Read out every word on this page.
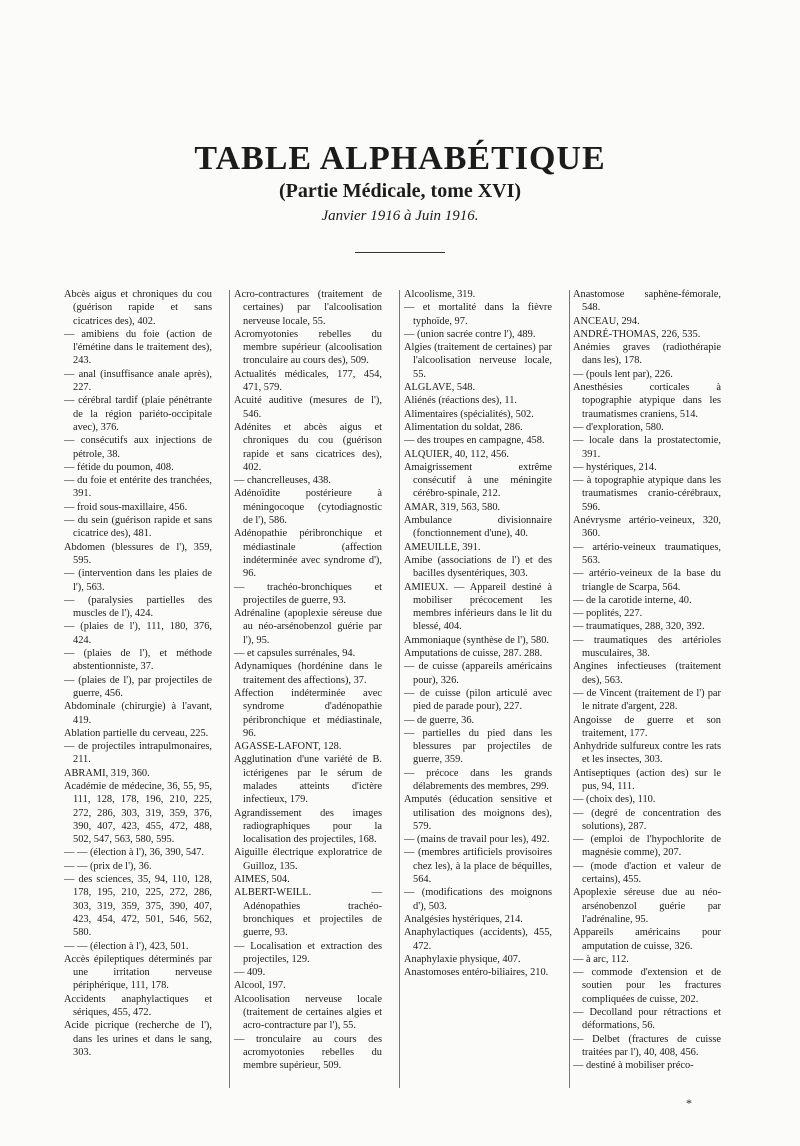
TABLE ALPHABÉTIQUE
(Partie Médicale, tome XVI)

Janvier 1916 à Juin 1916.

Abcès aigus et chroniques du cou (guérison rapide et sans cicatrices des), 402.

— amibiens du foie (action de l'émétine dans le traitement des), 243.

— anal (insuffisance anale après), 227.

— cérébral tardif (plaie pénétrante de la région pariéto-occipitale avec), 376.

— consécutifs aux injections de pétrole, 38.

— fétide du poumon, 408.

— du foie et entérite des tranchées, 391.

— froid sous-maxillaire, 456.

— du sein (guérison rapide et sans cicatrice des), 481.

Abdomen (blessures de l'), 359, 595.

— (intervention dans les plaies de l'), 563.

— (paralysies partielles des muscles de l'), 424.

— (plaies de l'), 111, 180, 376, 424.

— (plaies de l'), et méthode abstentionniste, 37.

— (plaies de l'), par projectiles de guerre, 456.

Abdominale (chirurgie) à l'avant, 419.

Ablation partielle du cerveau, 225.

— de projectiles intrapulmonaires, 211.

ABRAMI, 319, 360.

Académie de médecine, 36, 55, 95, 111, 128, 178, 196, 210, 225, 272, 286, 303, 319, 359, 376, 390, 407, 423, 455, 472, 488, 502, 547, 563, 580, 595.

— — (élection à l'), 36, 390, 547.

— — (prix de l'), 36.

— des sciences, 35, 94, 110, 128, 178, 195, 210, 225, 272, 286, 303, 319, 359, 375, 390, 407, 423, 454, 472, 501, 546, 562, 580.

— — (élection à l'), 423, 501.

Accès épileptiques déterminés par une irritation nerveuse périphérique, 111, 178.

Accidents anaphylactiques et sériques, 455, 472.

Acide picrique (recherche de l'), dans les urines et dans le sang, 303.

Acro-contractures (traitement de certaines) par l'alcoolisation nerveuse locale, 55.

Acromyotonies rebelles du membre supérieur (alcoolisation tronculaire au cours des), 509.

Actualités médicales, 177, 454, 471, 579.

Acuité auditive (mesures de l'), 546.

Adénites et abcès aigus et chroniques du cou (guérison rapide et sans cicatrices des), 402.

— chancrelleuses, 438.

Adénoïdite postérieure à méningocoque (cytodiagnostic de l'), 586.

Adénopathie péribronchique et médiastinale (affection indéterminée avec syndrome d'), 96.

— trachéo-bronchiques et projectiles de guerre, 93.

Adrénaline (apoplexie séreuse due au néo-arsénobenzol guérie par l'), 95.

— et capsules surrénales, 94.

Adynamiques (hordénine dans le traitement des affections), 37.

Affection indéterminée avec syndrome d'adénopathie péribronchique et médiastinale, 96.

AGASSE-LAFONT, 128.

Agglutination d'une variété de B. ictérigenes par le sérum de malades atteints d'ictère infectieux, 179.

Agrandissement des images radiographiques pour la localisation des projectiles, 168.

Aiguille électrique exploratrice de Guilloz, 135.

AIMES, 504.

ALBERT-WEILL. — Adénopathies trachéo-bronchiques et projectiles de guerre, 93.

— Localisation et extraction des projectiles, 129.

— 409.

Alcool, 197.

Alcoolisation nerveuse locale (traitement de certaines algies et acro-contracture par l'), 55.

— tronculaire au cours des acromyotonies rebelles du membre supérieur, 509.

Alcoolisme, 319.

— et mortalité dans la fièvre typhoïde, 97.

— (union sacrée contre l'), 489.

Algies (traitement de certaines) par l'alcoolisation nerveuse locale, 55.

ALGLAVE, 548.

Aliénés (réactions des), 11.

Alimentaires (spécialités), 502.

Alimentation du soldat, 286.

— des troupes en campagne, 458.

ALQUIER, 40, 112, 456.

Amaigrissement extrême consécutif à une méningite cérébro-spinale, 212.

AMAR, 319, 563, 580.

Ambulance divisionnaire (fonctionnement d'une), 40.

AMEUILLE, 391.

Amibe (associations de l') et des bacilles dysentériques, 303.

AMIEUX. — Appareil destiné à mobiliser précocement les membres inférieurs dans le lit du blessé, 404.

Ammoniaque (synthèse de l'), 580.

Amputations de cuisse, 287. 288.

— de cuisse (appareils américains pour), 326.

— de cuisse (pilon articulé avec pied de parade pour), 227.

— de guerre, 36.

— partielles du pied dans les blessures par projectiles de guerre, 359.

— précoce dans les grands délabrements des membres, 299.

Amputés (éducation sensitive et utilisation des moignons des), 579.

— (mains de travail pour les), 492.

— (membres artificiels provisoires chez les), à la place de béquilles, 564.

— (modifications des moignons d'), 503.

Analgésies hystériques, 214.

Anaphylactiques (accidents), 455, 472.

Anaphylaxie physique, 407.

Anastomoses entéro-biliaires, 210.

Anastomose saphène-fémorale, 548.

ANCEAU, 294.

ANDRÉ-THOMAS, 226, 535.

Anémies graves (radiothérapie dans les), 178.

— (pouls lent par), 226.

Anesthésies corticales à topographie atypique dans les traumatismes craniens, 514.

— d'exploration, 580.

— locale dans la prostatectomie, 391.

— hystériques, 214.

— à topographie atypique dans les traumatismes cranio-cérébraux, 596.

Anévrysme artério-veineux, 320, 360.

— artério-veineux traumatiques, 563.

— artério-veineux de la base du triangle de Scarpa, 564.

— de la carotide interne, 40.

— poplités, 227.

— traumatiques, 288, 320, 392.

— traumatiques des artérioles musculaires, 38.

Angines infectieuses (traitement des), 563.

— de Vincent (traitement de l') par le nitrate d'argent, 228.

Angoisse de guerre et son traitement, 177.

Anhydride sulfureux contre les rats et les insectes, 303.

Antiseptiques (action des) sur le pus, 94, 111.

— (choix des), 110.

— (degré de concentration des solutions), 287.

— (emploi de l'hypochlorite de magnésie comme), 207.

— (mode d'action et valeur de certains), 455.

Apoplexie séreuse due au néo-arsénobenzol guérie par l'adrénaline, 95.

Appareils américains pour amputation de cuisse, 326.

— à arc, 112.

— commode d'extension et de soutien pour les fractures compliquées de cuisse, 202.

— Decolland pour rétractions et déformations, 56.

— Delbet (fractures de cuisse traitées par l'), 40, 408, 456.

— destiné à mobiliser préco-

*
